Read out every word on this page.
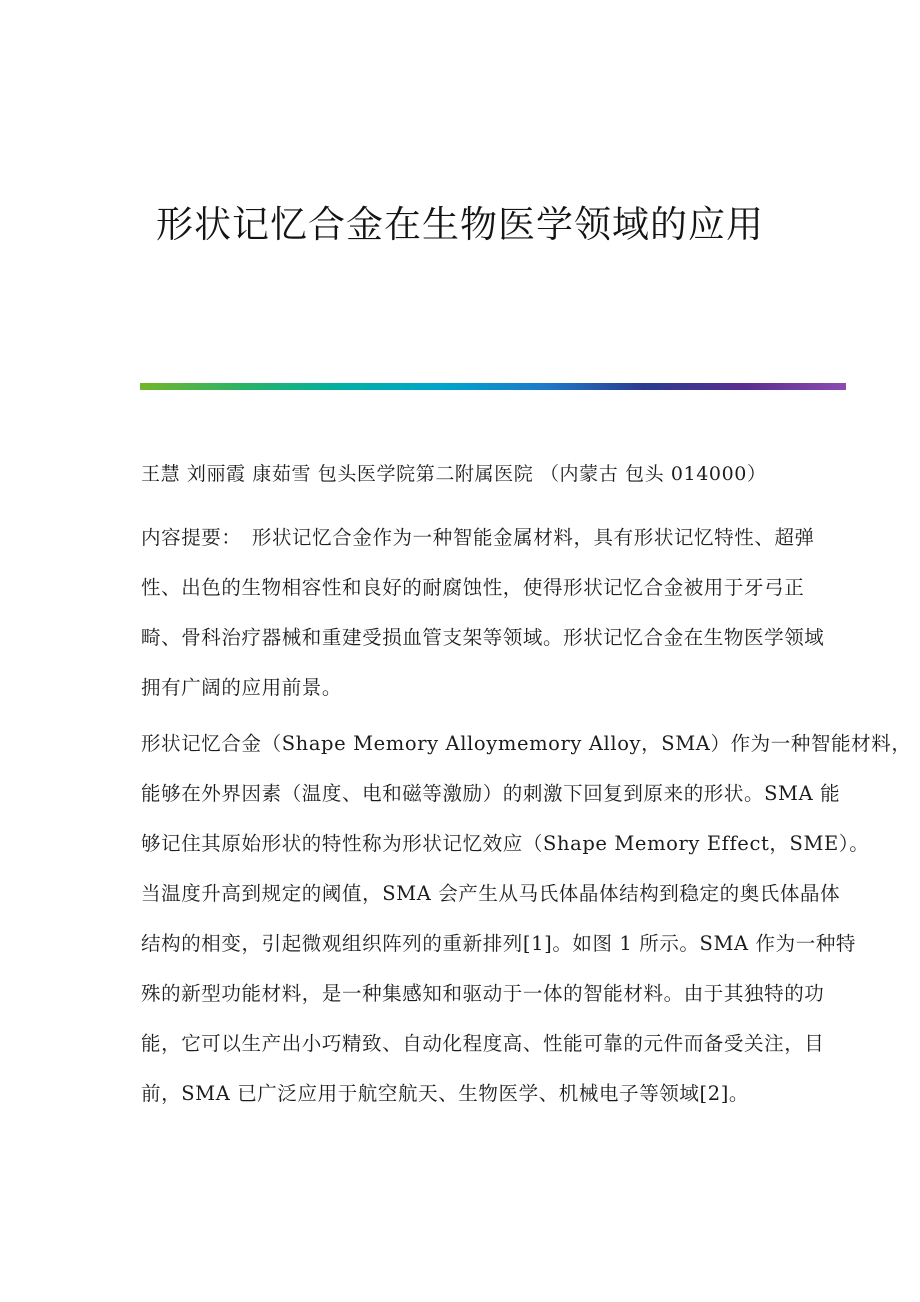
形状记忆合金在生物医学领域的应用

王慧 刘丽霞 康茹雪 包头医学院第二附属医院 （内蒙古 包头 014000）

内容提要：　形状记忆合金作为一种智能金属材料，具有形状记忆特性、超弹
性、出色的生物相容性和良好的耐腐蚀性，使得形状记忆合金被用于牙弓正
畸、骨科治疗器械和重建受损血管支架等领域。形状记忆合金在生物医学领域
拥有广阔的应用前景。
形状记忆合金（Shape Memory Alloymemory Alloy，SMA）作为一种智能材料，
能够在外界因素（温度、电和磁等激励）的刺激下回复到原来的形状。SMA 能
够记住其原始形状的特性称为形状记忆效应（Shape Memory Effect，SME）。
当温度升高到规定的阈值，SMA 会产生从马氏体晶体结构到稳定的奥氏体晶体
结构的相变，引起微观组织阵列的重新排列[1]。如图 1 所示。SMA 作为一种特
殊的新型功能材料，是一种集感知和驱动于一体的智能材料。由于其独特的功
能，它可以生产出小巧精致、自动化程度高、性能可靠的元件而备受关注，目
前，SMA 已广泛应用于航空航天、生物医学、机械电子等领域[2]。
